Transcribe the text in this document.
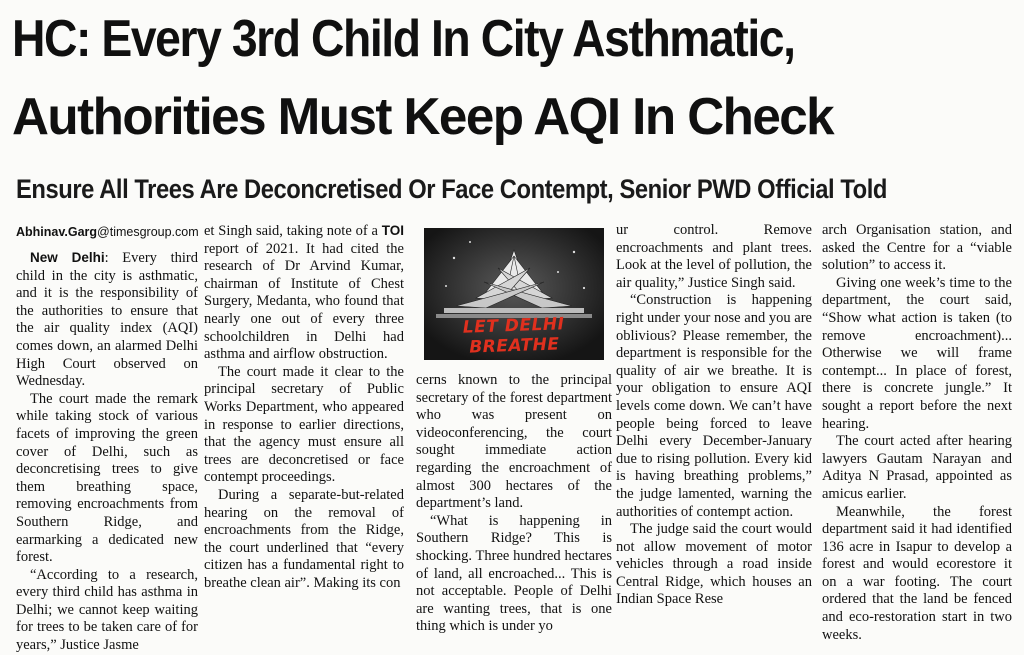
HC: Every 3rd Child In City Asthmatic,
Authorities Must Keep AQI In Check
Ensure All Trees Are Deconcretised Or Face Contempt, Senior PWD Official Told
Abhinav.Garg@timesgroup.com

New Delhi: Every third child in the city is asthmatic, and it is the responsibility of the authorities to ensure that the air quality index (AQI) comes down, an alarmed Delhi High Court observed on Wednesday.

The court made the remark while taking stock of various facets of improving the green cover of Delhi, such as deconcretising trees to give them breathing space, removing encroachments from Southern Ridge, and earmarking a dedicated new forest.

“According to a research, every third child has asthma in Delhi; we cannot keep waiting for trees to be taken care of for years,” Justice Jasme

et Singh said, taking note of a TOI report of 2021. It had cited the research of Dr Arvind Kumar, chairman of Institute of Chest Surgery, Medanta, who found that nearly one out of every three schoolchildren in Delhi had asthma and airflow obstruction.

The court made it clear to the principal secretary of Public Works Department, who appeared in response to earlier directions, that the agency must ensure all trees are deconcretised or face contempt proceedings.

During a separate-but-related hearing on the removal of encroachments from the Ridge, the court underlined that “every citizen has a fundamental right to breathe clean air”. Making its con

LET DELHI BREATHE

cerns known to the principal secretary of the forest department who was present on videoconferencing, the court sought immediate action regarding the encroachment of almost 300 hectares of the department’s land.

“What is happening in Southern Ridge? This is shocking. Three hundred hectares of land, all encroached... This is not acceptable. People of Delhi are wanting trees, that is one thing which is under yo

ur control. Remove encroachments and plant trees. Look at the level of pollution, the air quality,” Justice Singh said.

“Construction is happening right under your nose and you are oblivious? Please remember, the department is responsible for the quality of air we breathe. It is your obligation to ensure AQI levels come down. We can’t have people being forced to leave Delhi every December-January due to rising pollution. Every kid is having breathing problems,” the judge lamented, warning the authorities of contempt action.

The judge said the court would not allow movement of motor vehicles through a road inside Central Ridge, which houses an Indian Space Rese

arch Organisation station, and asked the Centre for a “viable solution” to access it.

Giving one week’s time to the department, the court said, “Show what action is taken (to remove encroachment)... Otherwise we will frame contempt... In place of forest, there is concrete jungle.” It sought a report before the next hearing.

The court acted after hearing lawyers Gautam Narayan and Aditya N Prasad, appointed as amicus earlier.

Meanwhile, the forest department said it had identified 136 acre in Isapur to develop a forest and would ecorestore it on a war footing. The court ordered that the land be fenced and eco-restoration start in two weeks.
